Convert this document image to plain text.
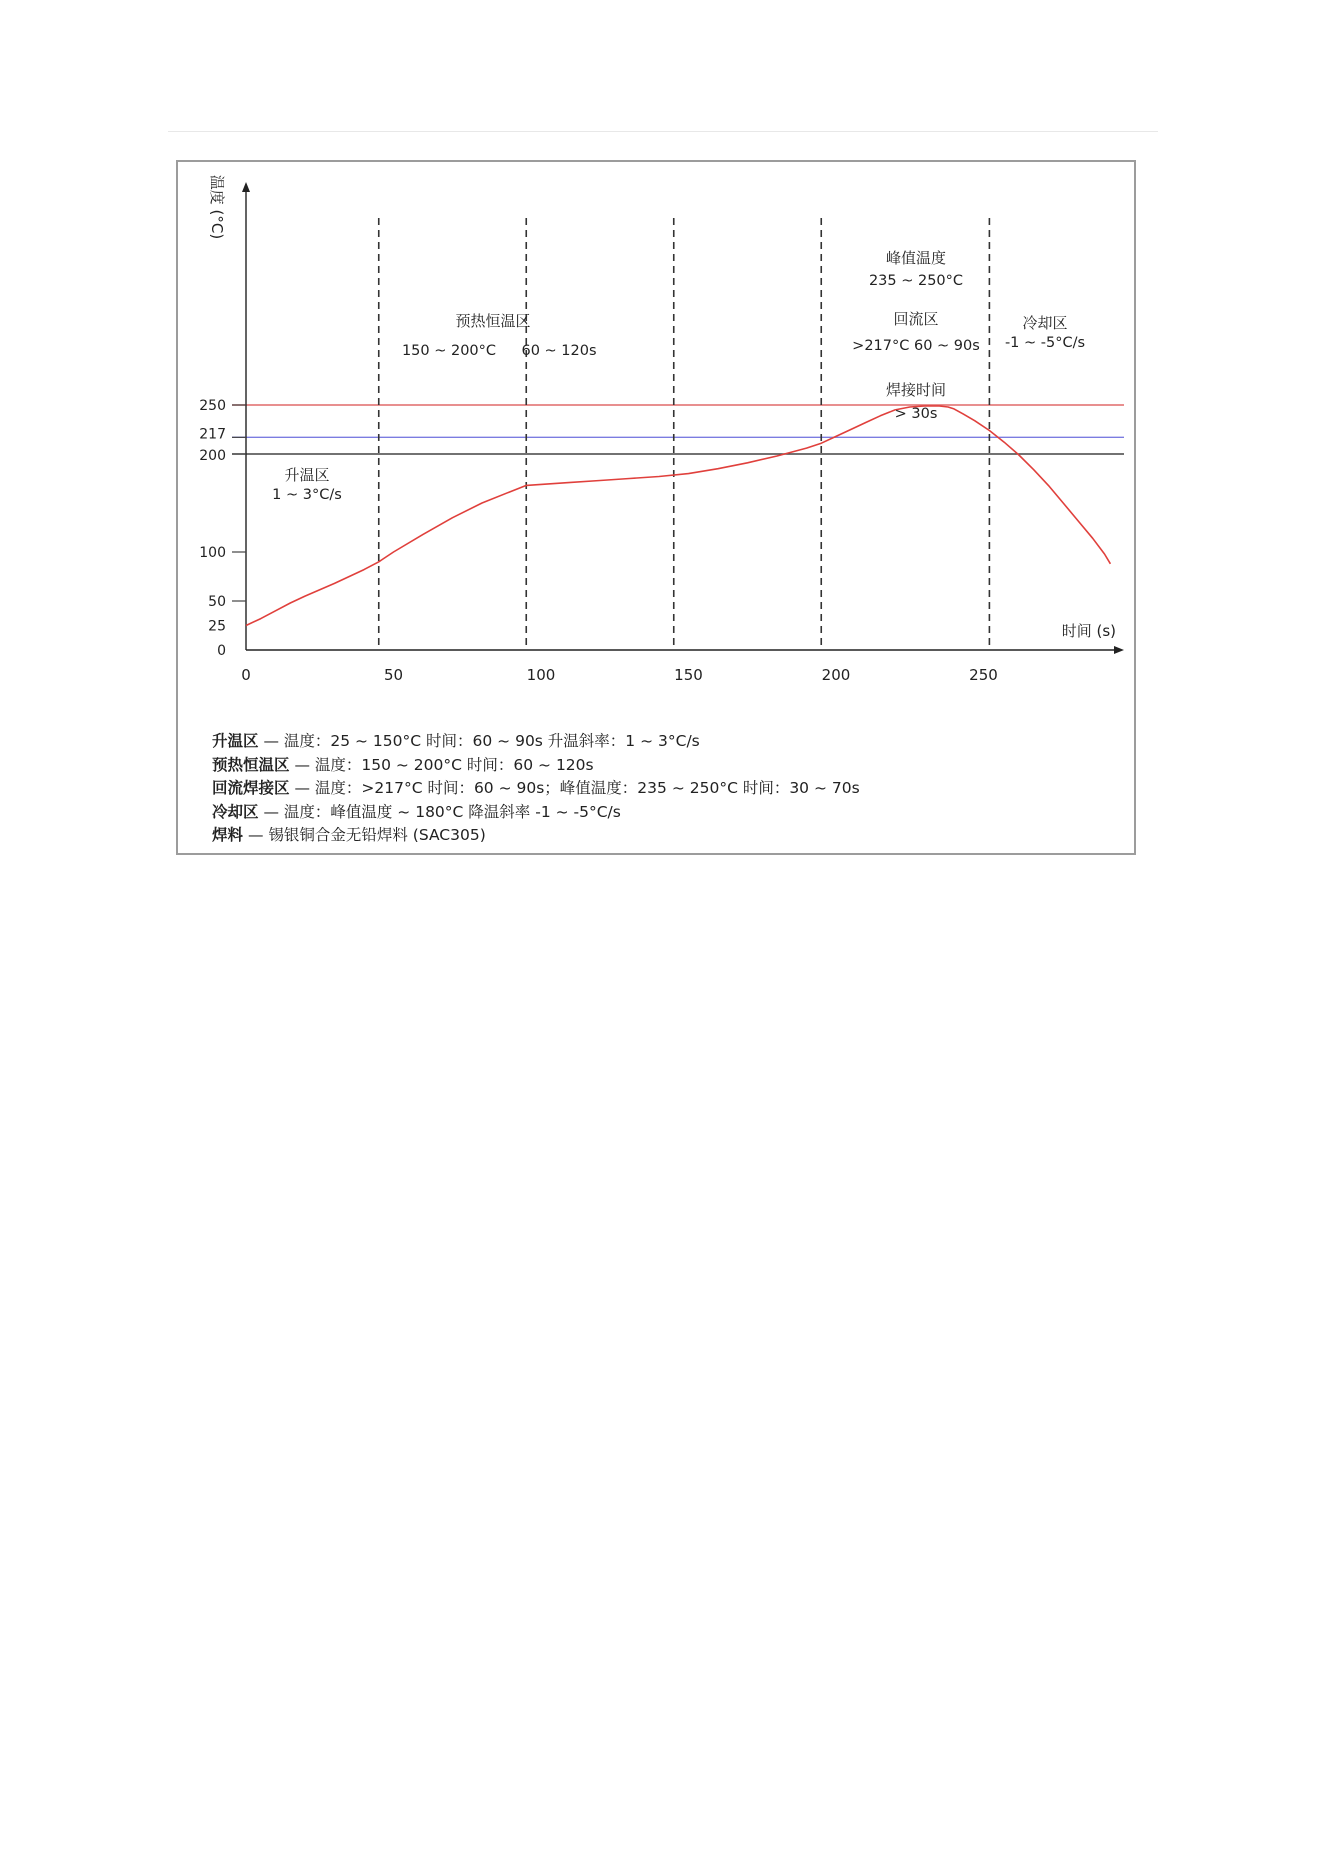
0
25
50
100
200
217
250
0	50	100	150	200	250
时间 (s)
温度 (°C)
升温区
1 ~ 3°C/s
预热恒温区
150 ~ 200°C 60 ~ 120s
峰值温度
235 ~ 250°C
回流区
>217°C 60 ~ 90s
焊接时间
> 30s
冷却区
-1 ~ -5°C/s
升温区 — 温度：25 ~ 150°C 时间：60 ~ 90s 升温斜率：1 ~ 3°C/s
预热恒温区 — 温度：150 ~ 200°C 时间：60 ~ 120s
回流焊接区 — 温度：>217°C 时间：60 ~ 90s；峰值温度：235 ~ 250°C 时间：30 ~ 70s
冷却区 — 温度：峰值温度 ~ 180°C 降温斜率 -1 ~ -5°C/s
焊料 — 锡银铜合金无铅焊料 (SAC305)
